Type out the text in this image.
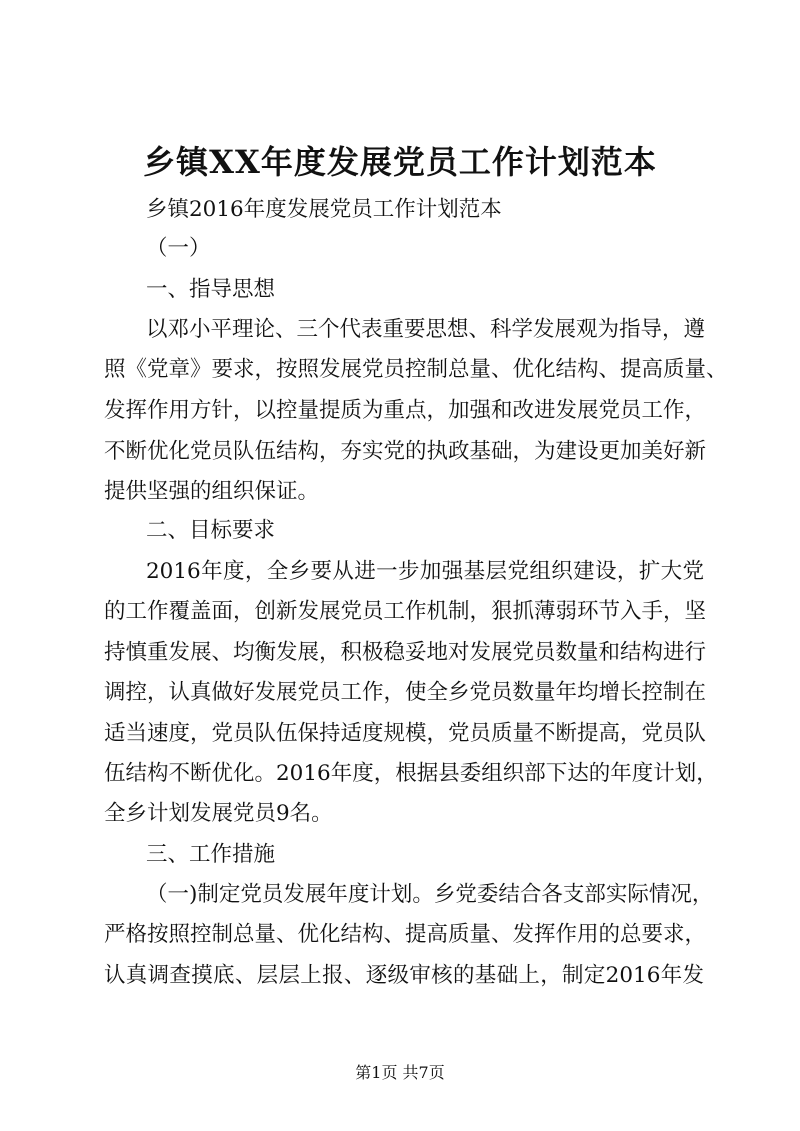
乡镇XX年度发展党员工作计划范本
乡镇2016年度发展党员工作计划范本
（一）
一、指导思想
以邓小平理论、三个代表重要思想、科学发展观为指导，遵
照《党章》要求，按照发展党员控制总量、优化结构、提高质量、
发挥作用方针，以控量提质为重点，加强和改进发展党员工作，
不断优化党员队伍结构，夯实党的执政基础，为建设更加美好新
提供坚强的组织保证。
二、目标要求
2016年度，全乡要从进一步加强基层党组织建设，扩大党
的工作覆盖面，创新发展党员工作机制，狠抓薄弱环节入手，坚
持慎重发展、均衡发展，积极稳妥地对发展党员数量和结构进行
调控，认真做好发展党员工作，使全乡党员数量年均增长控制在
适当速度，党员队伍保持适度规模，党员质量不断提高，党员队
伍结构不断优化。2016年度，根据县委组织部下达的年度计划，
全乡计划发展党员9名。
三、工作措施
（一)制定党员发展年度计划。乡党委结合各支部实际情况，
严格按照控制总量、优化结构、提高质量、发挥作用的总要求，
认真调查摸底、层层上报、逐级审核的基础上，制定2016年发
第1页 共7页
